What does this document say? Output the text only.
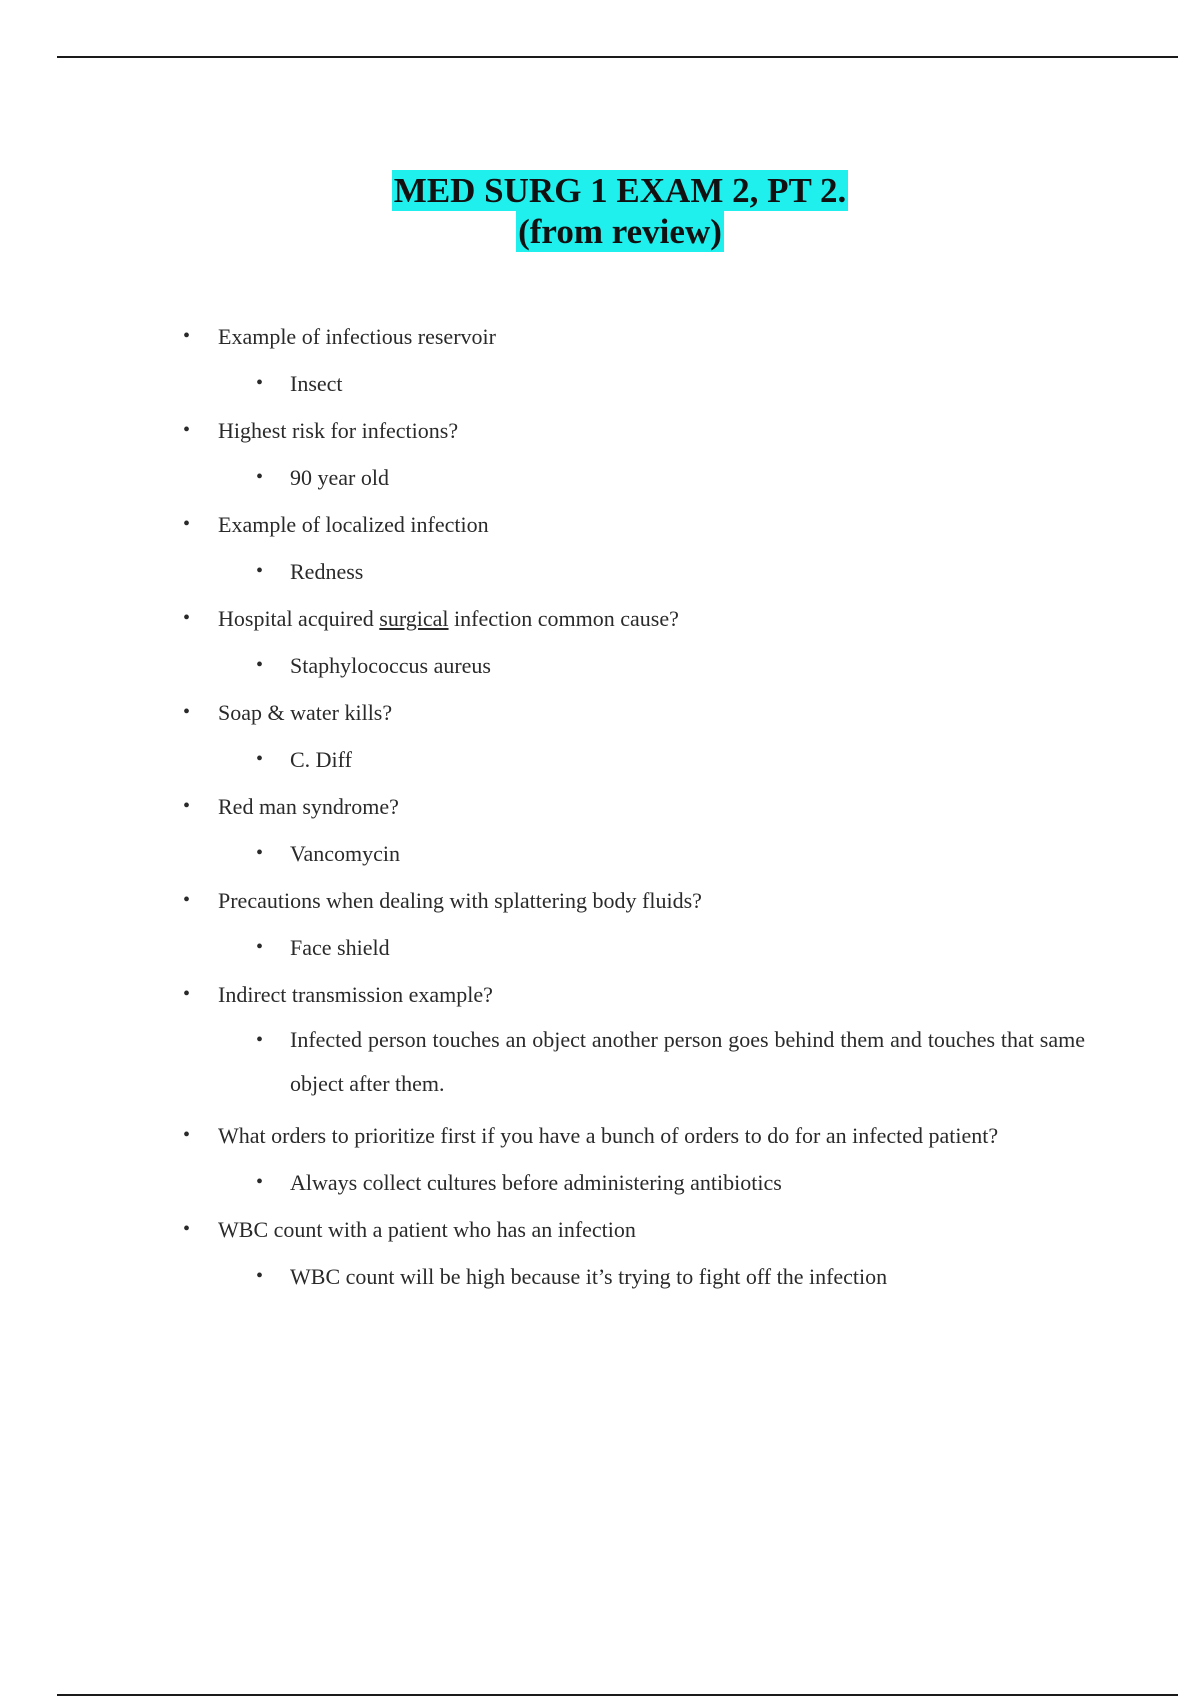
MED SURG 1 EXAM 2, PT 2.
(from review)
• Example of infectious reservoir
• Insect
• Highest risk for infections?
• 90 year old
• Example of localized infection
• Redness
• Hospital acquired surgical infection common cause?
• Staphylococcus aureus
• Soap & water kills?
• C. Diff
• Red man syndrome?
• Vancomycin
• Precautions when dealing with splattering body fluids?
• Face shield
• Indirect transmission example?
• Infected person touches an object another person goes behind them and touches that same object after them.
• What orders to prioritize first if you have a bunch of orders to do for an infected patient?
• Always collect cultures before administering antibiotics
• WBC count with a patient who has an infection
• WBC count will be high because it’s trying to fight off the infection
